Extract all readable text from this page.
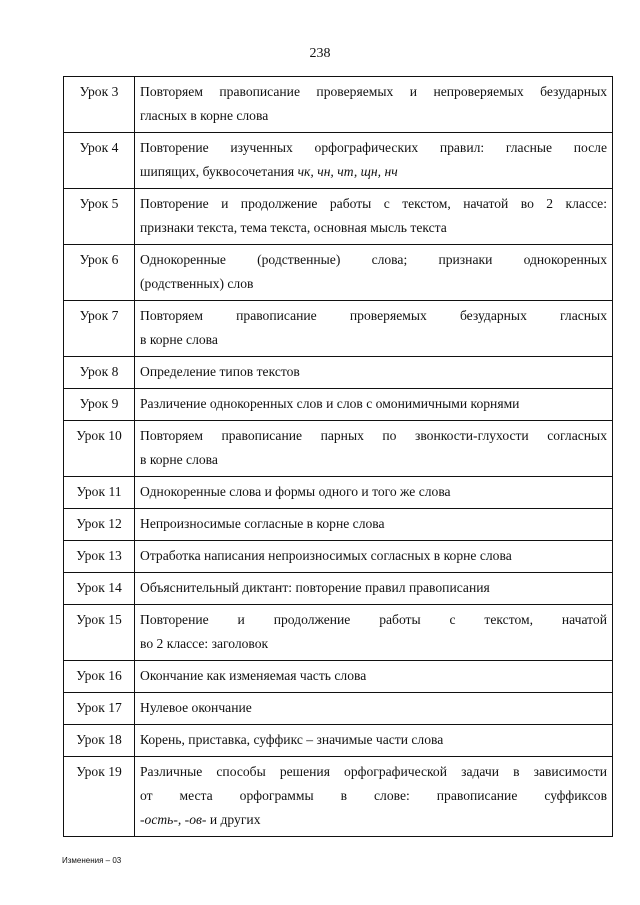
238
Урок 3	Повторяем правописание проверяемых и непроверяемых безударных
гласных в корне слова
Урок 4	Повторение изученных орфографических правил: гласные после
шипящих, буквосочетания чк, чн, чт, щн, нч
Урок 5	Повторение и продолжение работы с текстом, начатой во 2 классе:
признаки текста, тема текста, основная мысль текста
Урок 6	Однокоренные (родственные) слова; признаки однокоренных
(родственных) слов
Урок 7	Повторяем правописание проверяемых безударных гласных
в корне слова
Урок 8	Определение типов текстов
Урок 9	Различение однокоренных слов и слов с омонимичными корнями
Урок 10	Повторяем правописание парных по звонкости-глухости согласных
в корне слова
Урок 11	Однокоренные слова и формы одного и того же слова
Урок 12	Непроизносимые согласные в корне слова
Урок 13	Отработка написания непроизносимых согласных в корне слова
Урок 14	Объяснительный диктант: повторение правил правописания
Урок 15	Повторение и продолжение работы с текстом, начатой
во 2 классе: заголовок
Урок 16	Окончание как изменяемая часть слова
Урок 17	Нулевое окончание
Урок 18	Корень, приставка, суффикс – значимые части слова
Урок 19	Различные способы решения орфографической задачи в зависимости
от места орфограммы в слове: правописание суффиксов
-ость-, -ов- и других
Изменения – 03
